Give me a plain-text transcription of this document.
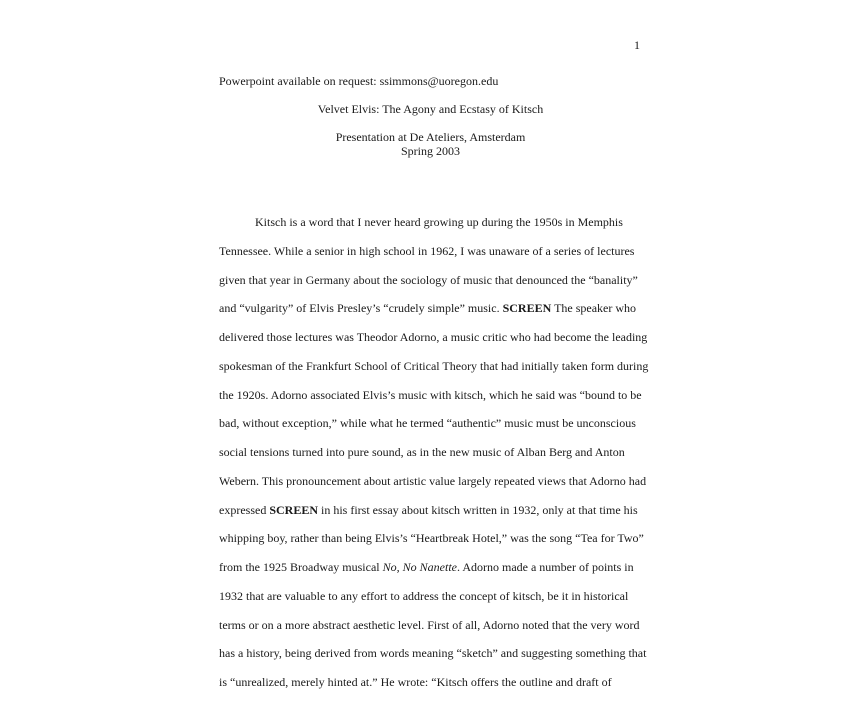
1
Powerpoint available on request: ssimmons@uoregon.edu
Velvet Elvis: The Agony and Ecstasy of Kitsch
Presentation at De Ateliers, Amsterdam
Spring 2003
Kitsch is a word that I never heard growing up during the 1950s in Memphis
Tennessee. While a senior in high school in 1962, I was unaware of a series of lectures
given that year in Germany about the sociology of music that denounced the “banality”
and “vulgarity” of Elvis Presley’s “crudely simple” music. SCREEN The speaker who
delivered those lectures was Theodor Adorno, a music critic who had become the leading
spokesman of the Frankfurt School of Critical Theory that had initially taken form during
the 1920s. Adorno associated Elvis’s music with kitsch, which he said was “bound to be
bad, without exception,” while what he termed “authentic” music must be unconscious
social tensions turned into pure sound, as in the new music of Alban Berg and Anton
Webern. This pronouncement about artistic value largely repeated views that Adorno had
expressed SCREEN in his first essay about kitsch written in 1932, only at that time his
whipping boy, rather than being Elvis’s “Heartbreak Hotel,” was the song “Tea for Two”
from the 1925 Broadway musical No, No Nanette. Adorno made a number of points in
1932 that are valuable to any effort to address the concept of kitsch, be it in historical
terms or on a more abstract aesthetic level. First of all, Adorno noted that the very word
has a history, being derived from words meaning “sketch” and suggesting something that
is “unrealized, merely hinted at.” He wrote: “Kitsch offers the outline and draft of
